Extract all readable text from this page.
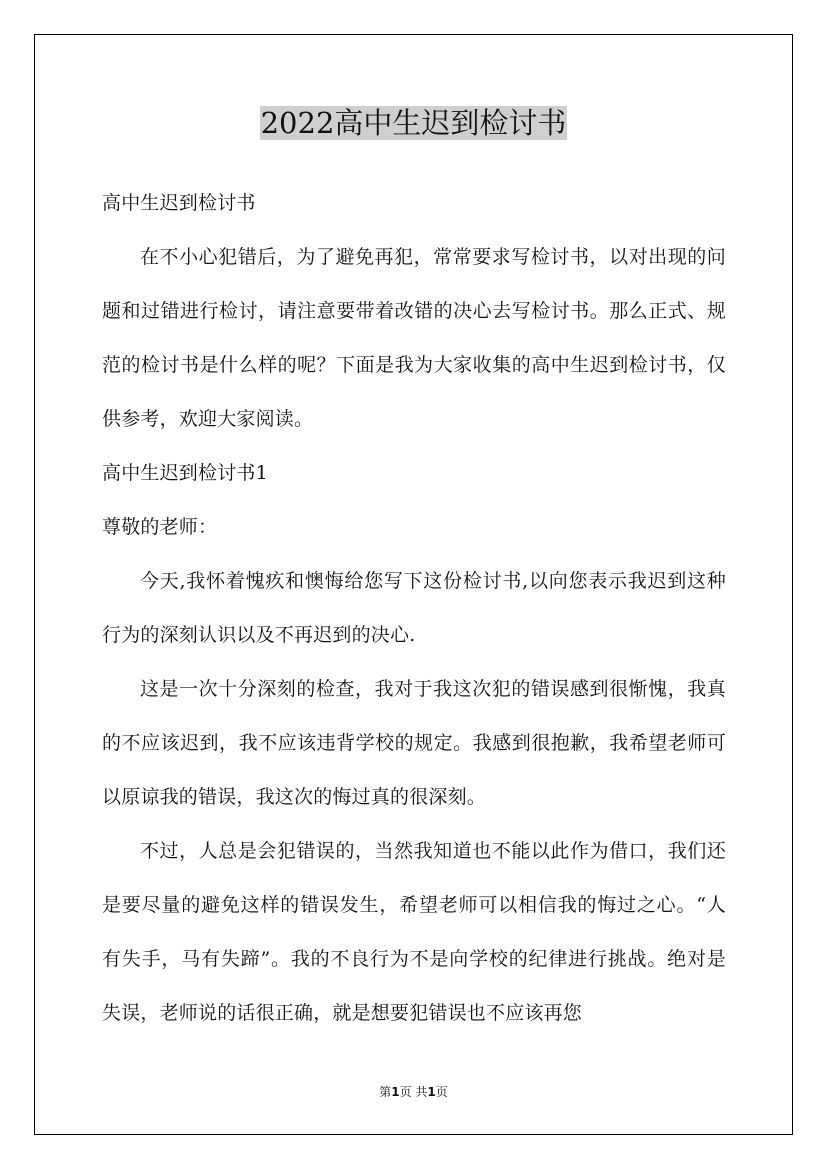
2022高中生迟到检讨书

高中生迟到检讨书

在不小心犯错后，为了避免再犯，常常要求写检讨书，以对出现的问题和过错进行检讨，请注意要带着改错的决心去写检讨书。那么正式、规范的检讨书是什么样的呢？下面是我为大家收集的高中生迟到检讨书，仅供参考，欢迎大家阅读。

高中生迟到检讨书1

尊敬的老师：

今天,我怀着愧疚和懊悔给您写下这份检讨书,以向您表示我迟到这种行为的深刻认识以及不再迟到的决心.

这是一次十分深刻的检查，我对于我这次犯的错误感到很惭愧，我真的不应该迟到，我不应该违背学校的规定。我感到很抱歉，我希望老师可以原谅我的错误，我这次的悔过真的很深刻。

不过，人总是会犯错误的，当然我知道也不能以此作为借口，我们还是要尽量的避免这样的错误发生，希望老师可以相信我的悔过之心。“人有失手，马有失蹄”。我的不良行为不是向学校的纪律进行挑战。绝对是失误，老师说的话很正确，就是想要犯错误也不应该再您

第1页 共1页
